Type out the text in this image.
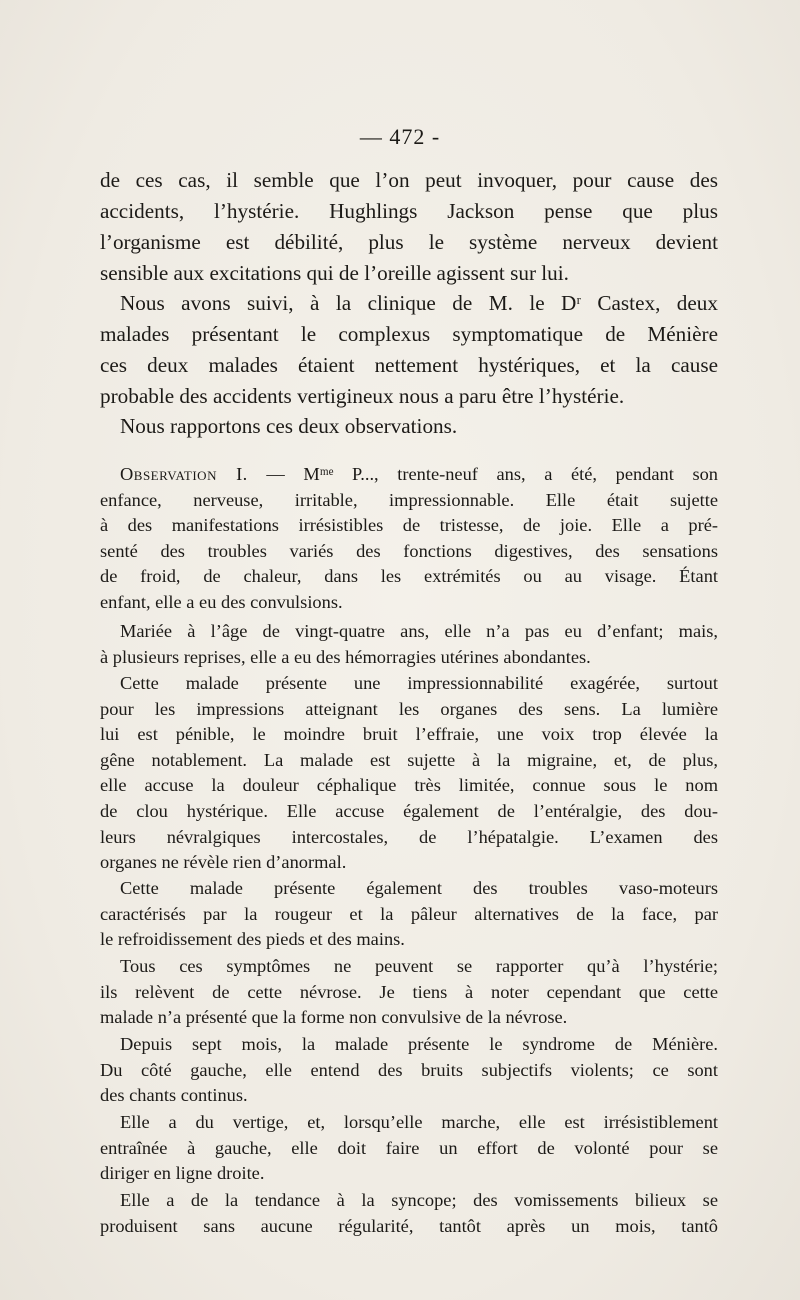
— 472 -

de ces cas, il semble que l’on peut invoquer, pour cause des
accidents, l’hystérie. Hughlings Jackson pense que plus
l’organisme est débilité, plus le système nerveux devient
sensible aux excitations qui de l’oreille agissent sur lui.

Nous avons suivi, à la clinique de M. le Dʳ Castex, deux
malades présentant le complexus symptomatique de Ménière
ces deux malades étaient nettement hystériques, et la cause
probable des accidents vertigineux nous a paru être l’hystérie.

Nous rapportons ces deux observations.

Observation I. — Mᵐᵉ P..., trente-neuf ans, a été, pendant son
enfance, nerveuse, irritable, impressionnable. Elle était sujette
à des manifestations irrésistibles de tristesse, de joie. Elle a pré-
senté des troubles variés des fonctions digestives, des sensations
de froid, de chaleur, dans les extrémités ou au visage. Étant
enfant, elle a eu des convulsions.

Mariée à l’âge de vingt-quatre ans, elle n’a pas eu d’enfant; mais,
à plusieurs reprises, elle a eu des hémorragies utérines abondantes.

Cette malade présente une impressionnabilité exagérée, surtout
pour les impressions atteignant les organes des sens. La lumière
lui est pénible, le moindre bruit l’effraie, une voix trop élevée la
gêne notablement. La malade est sujette à la migraine, et, de plus,
elle accuse la douleur céphalique très limitée, connue sous le nom
de clou hystérique. Elle accuse également de l’entéralgie, des dou-
leurs névralgiques intercostales, de l’hépatalgie. L’examen des
organes ne révèle rien d’anormal.

Cette malade présente également des troubles vaso-moteurs
caractérisés par la rougeur et la pâleur alternatives de la face, par
le refroidissement des pieds et des mains.

Tous ces symptômes ne peuvent se rapporter qu’à l’hystérie;
ils relèvent de cette névrose. Je tiens à noter cependant que cette
malade n’a présenté que la forme non convulsive de la névrose.

Depuis sept mois, la malade présente le syndrome de Ménière.
Du côté gauche, elle entend des bruits subjectifs violents; ce sont
des chants continus.

Elle a du vertige, et, lorsqu’elle marche, elle est irrésistiblement
entraînée à gauche, elle doit faire un effort de volonté pour se
diriger en ligne droite.

Elle a de la tendance à la syncope; des vomissements bilieux se
produisent sans aucune régularité, tantôt après un mois, tantô
